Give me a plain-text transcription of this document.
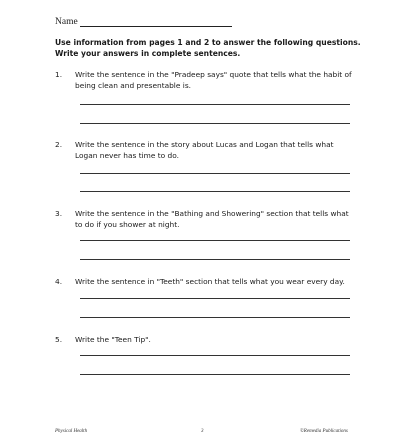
Name
Use information from pages 1 and 2 to answer the following questions.
Write your answers in complete sentences.
1. Write the sentence in the "Pradeep says" quote that tells what the habit of being clean and presentable is.
2. Write the sentence in the story about Lucas and Logan that tells what Logan never has time to do.
3. Write the sentence in the "Bathing and Showering" section that tells what to do if you shower at night.
4. Write the sentence in "Teeth" section that tells what you wear every day.
5. Write the "Teen Tip".
Physical Health	3	©Remedia Publications
